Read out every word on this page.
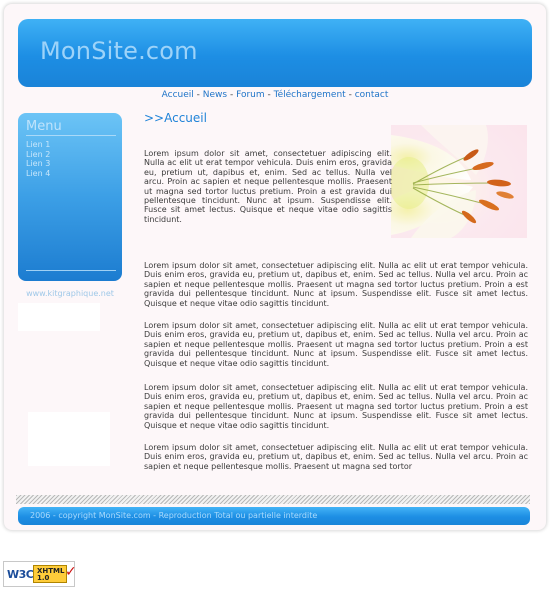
MonSite.com
Accueil - News - Forum - Téléchargement - contact
Menu
Lien 1
Lien 2
Lien 3
Lien 4
www.kitgraphique.net
>>Accueil

Lorem ipsum dolor sit amet, consectetuer adipiscing elit. Nulla ac elit ut erat tempor vehicula. Duis enim eros, gravida eu, pretium ut, dapibus et, enim. Sed ac tellus. Nulla vel arcu. Proin ac sapien et neque pellentesque mollis. Praesent ut magna sed tortor luctus pretium. Proin a est gravida dui pellentesque tincidunt. Nunc at ipsum. Suspendisse elit. Fusce sit amet lectus. Quisque et neque vitae odio sagittis tincidunt.

Lorem ipsum dolor sit amet, consectetuer adipiscing elit. Nulla ac elit ut erat tempor vehicula. Duis enim eros, gravida eu, pretium ut, dapibus et, enim. Sed ac tellus. Nulla vel arcu. Proin ac sapien et neque pellentesque mollis. Praesent ut magna sed tortor luctus pretium. Proin a est gravida dui pellentesque tincidunt. Nunc at ipsum. Suspendisse elit. Fusce sit amet lectus. Quisque et neque vitae odio sagittis tincidunt.

Lorem ipsum dolor sit amet, consectetuer adipiscing elit. Nulla ac elit ut erat tempor vehicula. Duis enim eros, gravida eu, pretium ut, dapibus et, enim. Sed ac tellus. Nulla vel arcu. Proin ac sapien et neque pellentesque mollis. Praesent ut magna sed tortor luctus pretium. Proin a est gravida dui pellentesque tincidunt. Nunc at ipsum. Suspendisse elit. Fusce sit amet lectus. Quisque et neque vitae odio sagittis tincidunt.

Lorem ipsum dolor sit amet, consectetuer adipiscing elit. Nulla ac elit ut erat tempor vehicula. Duis enim eros, gravida eu, pretium ut, dapibus et, enim. Sed ac tellus. Nulla vel arcu. Proin ac sapien et neque pellentesque mollis. Praesent ut magna sed tortor luctus pretium. Proin a est gravida dui pellentesque tincidunt. Nunc at ipsum. Suspendisse elit. Fusce sit amet lectus. Quisque et neque vitae odio sagittis tincidunt.

Lorem ipsum dolor sit amet, consectetuer adipiscing elit. Nulla ac elit ut erat tempor vehicula. Duis enim eros, gravida eu, pretium ut, dapibus et, enim. Sed ac tellus. Nulla vel arcu. Proin ac sapien et neque pellentesque mollis. Praesent ut magna sed tortor

2006 - copyright MonSite.com - Reproduction Total ou partielle interdite
W3C XHTML
1.0 ✓
